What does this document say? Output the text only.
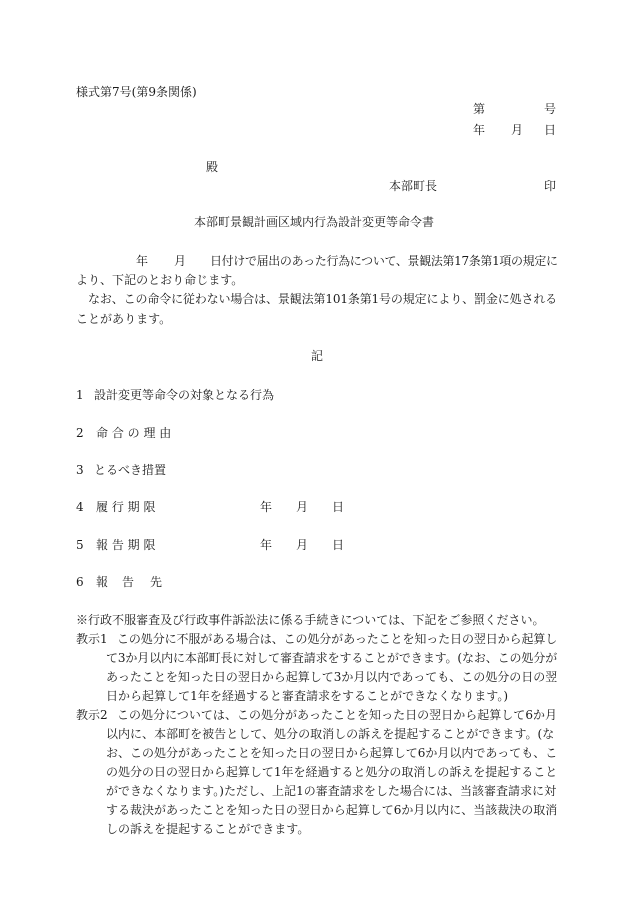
様式第7号(第9条関係)
第	号
年 月 日
殿
本部町長	印
本部町景観計画区域内行為設計変更等命令書
年 月 日付けで届出のあった行為について、景観法第17条第1項の規定に
より、下記のとおり命じます。
なお、この命令に従わない場合は、景観法第101条第1号の規定により、罰金に処される
ことがあります。
記
1 設計変更等命令の対象となる行為
2 命 合 の 理 由
3 とるべき措置
4 履 行 期 限	年 月 日
5 報 告 期 限	年 月 日
6 報 告 先
※行政不服審査及び行政事件訴訟法に係る手続きについては、下記をご参照ください。
教示1 この処分に不服がある場合は、この処分があったことを知った日の翌日から起算し
て3か月以内に本部町長に対して審査請求をすることができます。(なお、この処分が
あったことを知った日の翌日から起算して3か月以内であっても、この処分の日の翌
日から起算して1年を経過すると審査請求をすることができなくなります。)
教示2 この処分については、この処分があったことを知った日の翌日から起算して6か月
以内に、本部町を被告として、処分の取消しの訴えを提起することができます。(な
お、この処分があったことを知った日の翌日から起算して6か月以内であっても、こ
の処分の日の翌日から起算して1年を経過すると処分の取消しの訴えを提起すること
ができなくなります。)ただし、上記1の審査請求をした場合には、当該審査請求に対
する裁決があったことを知った日の翌日から起算して6か月以内に、当該裁決の取消
しの訴えを提起することができます。
